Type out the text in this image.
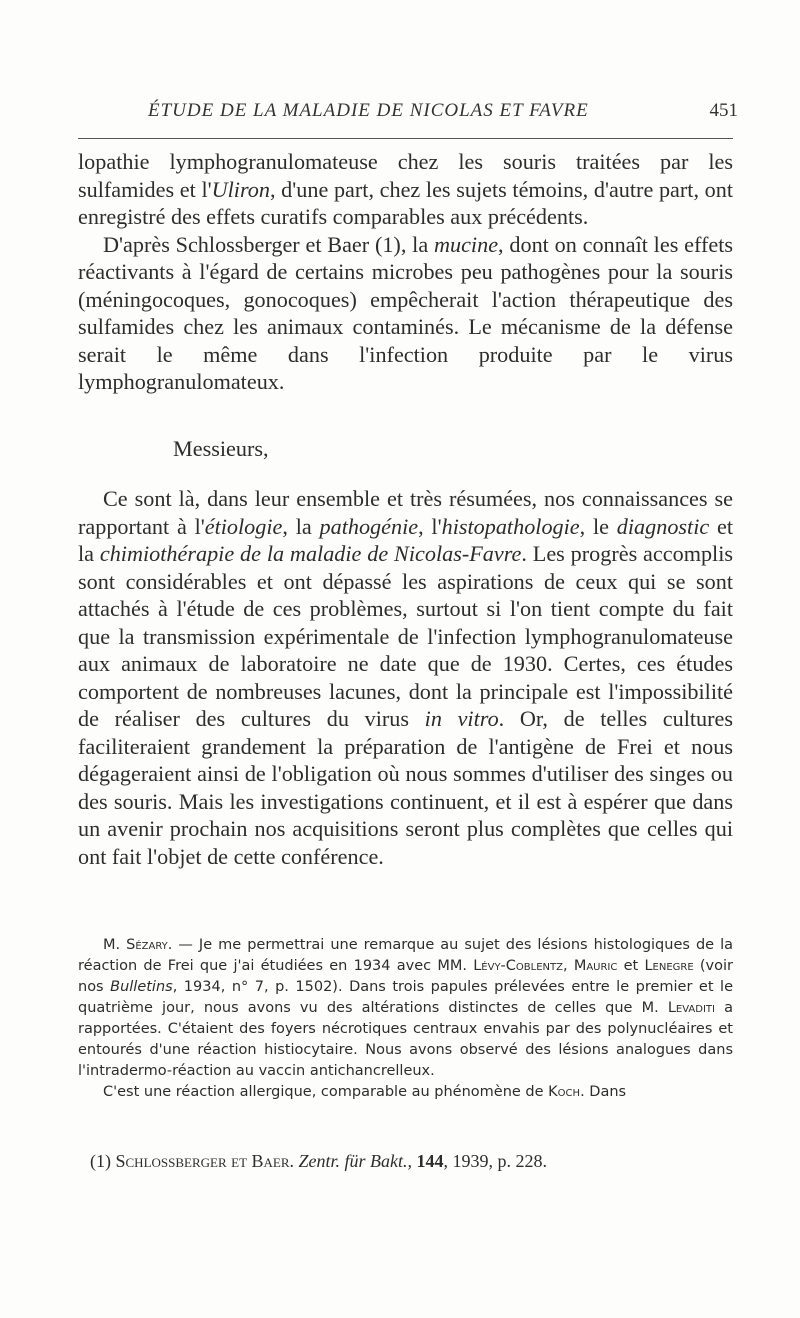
ÉTUDE DE LA MALADIE DE NICOLAS ET FAVRE	451

lopathie lymphogranulomateuse chez les souris traitées par les sulfamides et l'Uliron, d'une part, chez les sujets témoins, d'autre part, ont enregistré des effets curatifs comparables aux précédents.

D'après Schlossberger et Baer (1), la mucine, dont on connaît les effets réactivants à l'égard de certains microbes peu pathogènes pour la souris (méningocoques, gonocoques) empêcherait l'action thérapeutique des sulfamides chez les animaux contaminés. Le mécanisme de la défense serait le même dans l'infection produite par le virus lymphogranulomateux.

Messieurs,

Ce sont là, dans leur ensemble et très résumées, nos connaissances se rapportant à l'étiologie, la pathogénie, l'histopathologie, le diagnostic et la chimiothérapie de la maladie de Nicolas-Favre. Les progrès accomplis sont considérables et ont dépassé les aspirations de ceux qui se sont attachés à l'étude de ces problèmes, surtout si l'on tient compte du fait que la transmission expérimentale de l'infection lymphogranulomateuse aux animaux de laboratoire ne date que de 1930. Certes, ces études comportent de nombreuses lacunes, dont la principale est l'impossibilité de réaliser des cultures du virus in vitro. Or, de telles cultures faciliteraient grandement la préparation de l'antigène de Frei et nous dégageraient ainsi de l'obligation où nous sommes d'utiliser des singes ou des souris. Mais les investigations continuent, et il est à espérer que dans un avenir prochain nos acquisitions seront plus complètes que celles qui ont fait l'objet de cette conférence.

M. Sézary. — Je me permettrai une remarque au sujet des lésions histologiques de la réaction de Frei que j'ai étudiées en 1934 avec MM. Lévy-Coblentz, Mauric et Lenegre (voir nos Bulletins, 1934, n° 7, p. 1502). Dans trois papules prélevées entre le premier et le quatrième jour, nous avons vu des altérations distinctes de celles que M. Levaditi a rapportées. C'étaient des foyers nécrotiques centraux envahis par des polynucléaires et entourés d'une réaction histiocytaire. Nous avons observé des lésions analogues dans l'intradermo-réaction au vaccin antichancrelleux.

C'est une réaction allergique, comparable au phénomène de Koch. Dans

(1) Schlossberger et Baer. Zentr. für Bakt., 144, 1939, p. 228.
